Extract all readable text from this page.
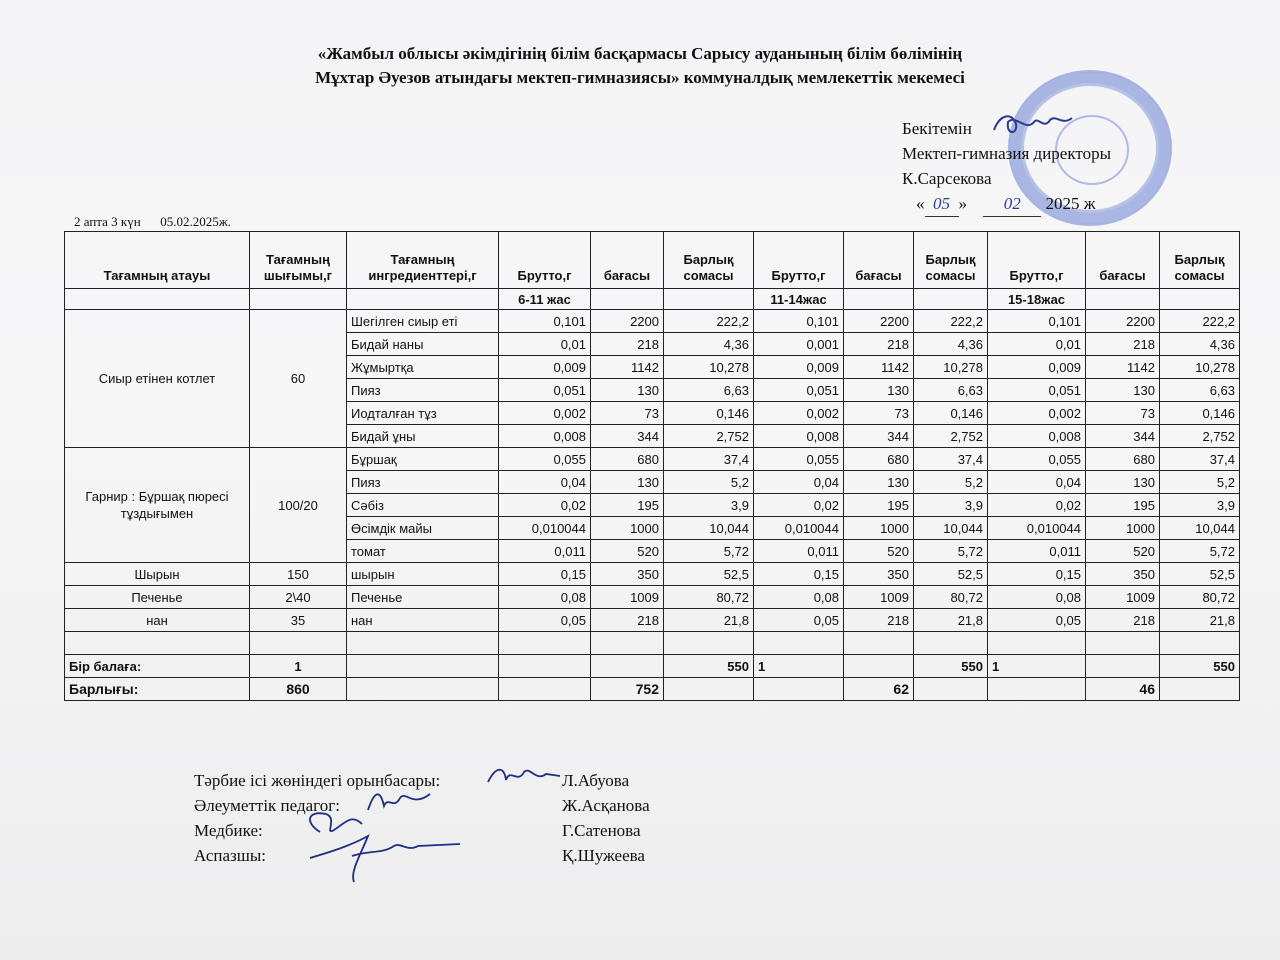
«Жамбыл облысы әкімдігінің білім басқармасы Сарысу ауданының білім бөлімінің
Мұхтар Әуезов атындағы мектеп-гимназиясы» коммуналдық мемлекеттік мекемесі
Бекітемін
Мектеп-гимназия директоры
К.Сарсекова
« 05 » 02 2025 ж
2 апта 3 күн 05.02.2025ж.
Тағамның атауы	Тағамның шығымы,г	Тағамның ингредиенттері,г	Брутто,г	бағасы	Барлық сомасы	Брутто,г	бағасы	Барлық сомасы	Брутто,г	бағасы	Барлық сомасы
			6-11 жас			11-14жас			15-18жас		
Сиыр етінен котлет	60	Шегілген сиыр еті	0,101	2200	222,2	0,101	2200	222,2	0,101	2200	222,2
		Бидай наны	0,01	218	4,36	0,001	218	4,36	0,01	218	4,36
		Жұмыртқа	0,009	1142	10,278	0,009	1142	10,278	0,009	1142	10,278
		Пияз	0,051	130	6,63	0,051	130	6,63	0,051	130	6,63
		Иодталған тұз	0,002	73	0,146	0,002	73	0,146	0,002	73	0,146
		Бидай ұны	0,008	344	2,752	0,008	344	2,752	0,008	344	2,752
Гарнир : Бұршақ пюресі тұздығымен	100/20	Бұршақ	0,055	680	37,4	0,055	680	37,4	0,055	680	37,4
		Пияз	0,04	130	5,2	0,04	130	5,2	0,04	130	5,2
		Сәбіз	0,02	195	3,9	0,02	195	3,9	0,02	195	3,9
		Өсімдік майы	0,010044	1000	10,044	0,010044	1000	10,044	0,010044	1000	10,044
		томат	0,011	520	5,72	0,011	520	5,72	0,011	520	5,72
Шырын	150	шырын	0,15	350	52,5	0,15	350	52,5	0,15	350	52,5
Печенье	2\40	Печенье	0,08	1009	80,72	0,08	1009	80,72	0,08	1009	80,72
нан	35	нан	0,05	218	21,8	0,05	218	21,8	0,05	218	21,8

Бір балаға:	1				550	1		550	1		550
Барлығы:	860			752			62			46	
Тәрбие ісі жөніндегі орынбасары:	Л.Абуова
Әлеуметтік педагог:	Ж.Асқанова
Медбике:	Г.Сатенова
Аспазшы:	Қ.Шужеева
